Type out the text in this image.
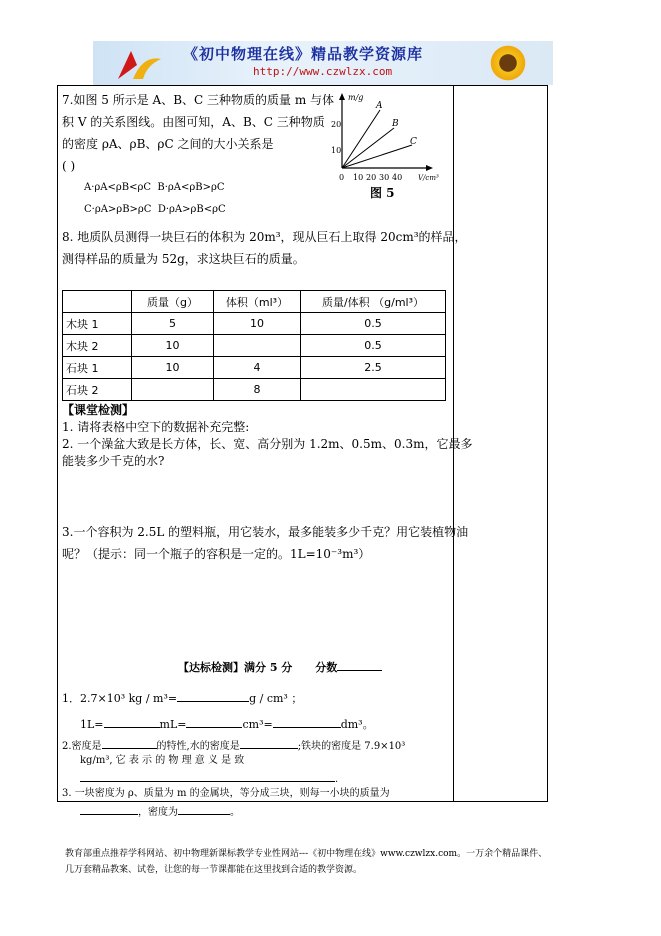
《初中物理在线》精品教学资源库
http://www.czwlzx.com
7.如图 5 所示是 A、B、C 三种物质的质量 m 与体
积 V 的关系图线。由图可知，A、B、C 三种物质
的密度 ρA、ρB、ρC 之间的大小关系是
( )
A·ρA<ρB<ρC B·ρA<ρB>ρC
C·ρA>ρB>ρC D·ρA>ρB<ρC
m/g
A
B
C
20
10
0 10 20 30 40 V/cm³
图 5
8. 地质队员测得一块巨石的体积为 20m³，现从巨石上取得 20cm³的样品，
测得样品的质量为 52g，求这块巨石的质量。
	质量（g）	体积（ml³）	质量/体积 （g/ml³）
木块 1	5	10	0.5
木块 2	10		0.5
石块 1	10	4	2.5
石块 2		8	
【课堂检测】
1. 请将表格中空下的数据补充完整:
2. 一个澡盆大致是长方体，长、宽、高分别为 1.2m、0.5m、0.3m，它最多
能装多少千克的水?
3.一个容积为 2.5L 的塑料瓶，用它装水，最多能装多少千克？用它装植物油
呢？（提示：同一个瓶子的容积是一定的。1L=10⁻³m³）
【达标检测】满分 5 分 分数
1．2.7×10³ kg / m³=	g / cm³ ；
1L=	mL=	cm³=	dm³。
2.密度是	的特性,水的密度是	;铁块的密度是 7.9×10³
kg/m³, 它 表 示 的 物 理 意 义 是 致
.
3. 一块密度为 ρ、质量为 m 的金属块，等分成三块，则每一小块的质量为
，密度为	。
教育部重点推荐学科网站、初中物理新课标教学专业性网站---《初中物理在线》www.czwlzx.com。一万余个精品课件、
几万套精品教案、试卷，让您的每一节课都能在这里找到合适的教学资源。
